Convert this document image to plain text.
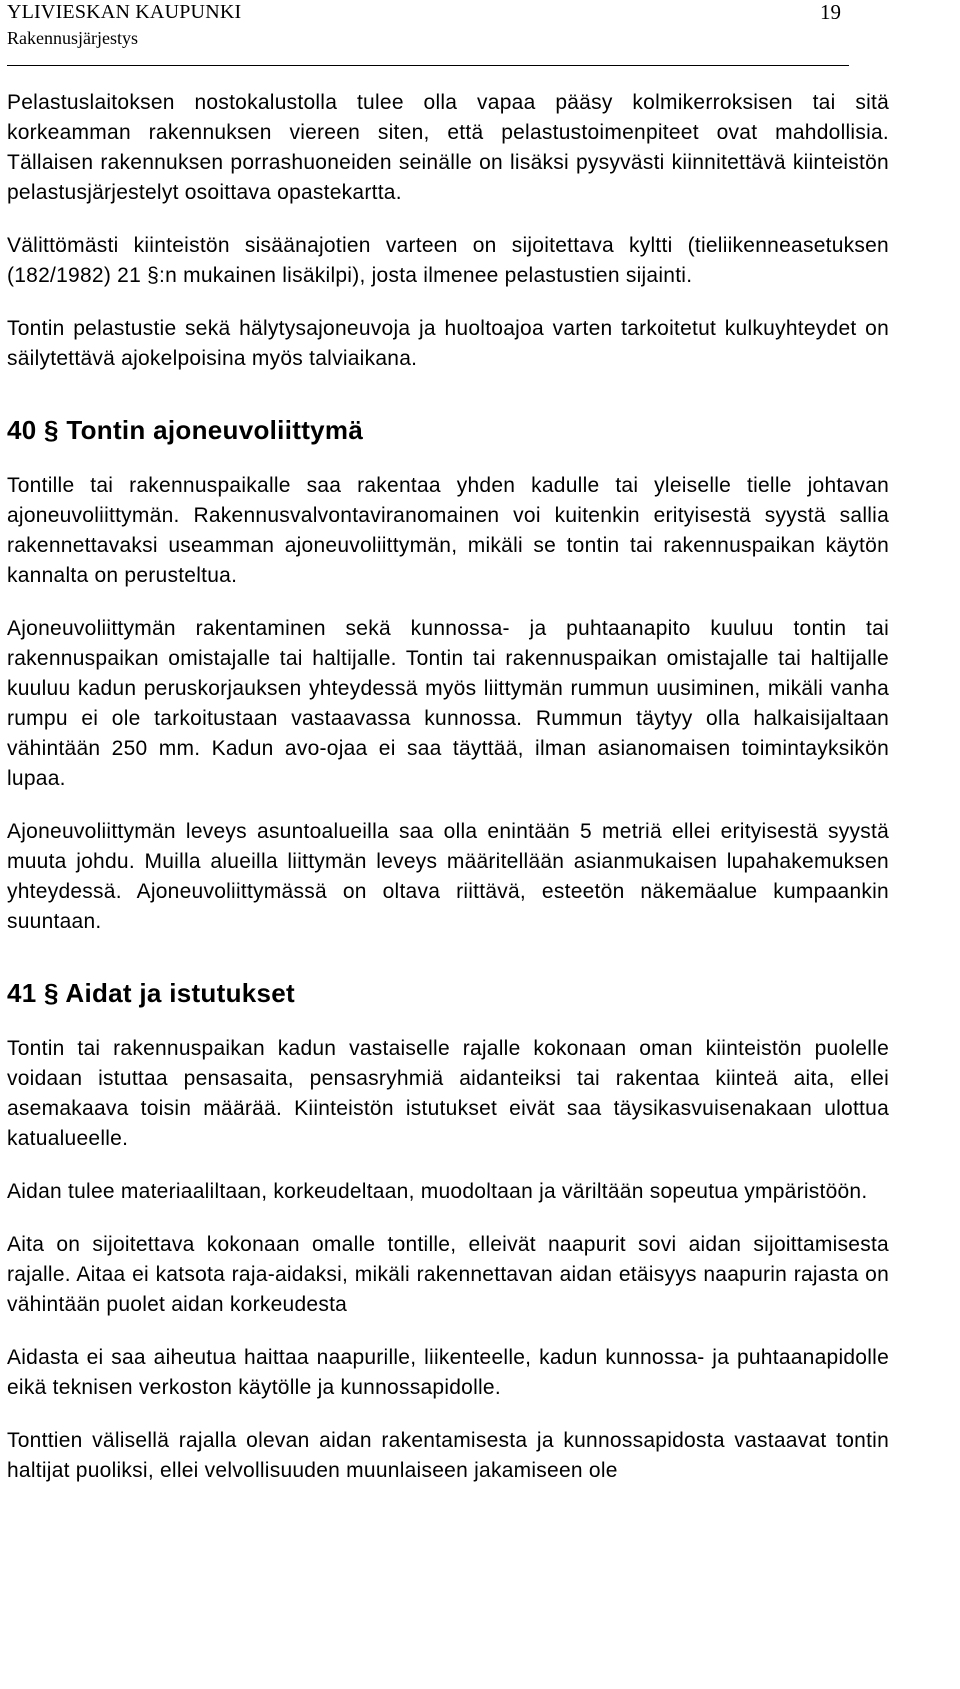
YLIVIESKAN KAUPUNKI	19
Rakennusjärjestys

Pelastuslaitoksen nostokalustolla tulee olla vapaa pääsy kolmikerroksisen tai sitä korkeamman rakennuksen viereen siten, että pelastustoimenpiteet ovat mahdollisia. Tällaisen rakennuksen porrashuoneiden seinälle on lisäksi pysyvästi kiinnitettävä kiinteistön pelastusjärjestelyt osoittava opastekartta.

Välittömästi kiinteistön sisäänajotien varteen on sijoitettava kyltti (tieliikenneasetuksen (182/1982) 21 §:n mukainen lisäkilpi), josta ilmenee pelastustien sijainti.

Tontin pelastustie sekä hälytysajoneuvoja ja huoltoajoa varten tarkoitetut kulkuyhteydet on säilytettävä ajokelpoisina myös talviaikana.

40 § Tontin ajoneuvoliittymä

Tontille tai rakennuspaikalle saa rakentaa yhden kadulle tai yleiselle tielle johtavan ajoneuvoliittymän. Rakennusvalvontaviranomainen voi kuitenkin erityisestä syystä sallia rakennettavaksi useamman ajoneuvoliittymän, mikäli se tontin tai rakennuspaikan käytön kannalta on perusteltua.

Ajoneuvoliittymän rakentaminen sekä kunnossa- ja puhtaanapito kuuluu tontin tai rakennuspaikan omistajalle tai haltijalle. Tontin tai rakennuspaikan omistajalle tai haltijalle kuuluu kadun peruskorjauksen yhteydessä myös liittymän rummun uusiminen, mikäli vanha rumpu ei ole tarkoitustaan vastaavassa kunnossa. Rummun täytyy olla halkaisijaltaan vähintään 250 mm. Kadun avo-ojaa ei saa täyttää, ilman asianomaisen toimintayksikön lupaa.

Ajoneuvoliittymän leveys asuntoalueilla saa olla enintään 5 metriä ellei erityisestä syystä muuta johdu. Muilla alueilla liittymän leveys määritellään asianmukaisen lupahakemuksen yhteydessä. Ajoneuvoliittymässä on oltava riittävä, esteetön näkemäalue kumpaankin suuntaan.

41 § Aidat ja istutukset

Tontin tai rakennuspaikan kadun vastaiselle rajalle kokonaan oman kiinteistön puolelle voidaan istuttaa pensasaita, pensasryhmiä aidanteiksi tai rakentaa kiinteä aita, ellei asemakaava toisin määrää. Kiinteistön istutukset eivät saa täysikasvuisenakaan ulottua katualueelle.

Aidan tulee materiaaliltaan, korkeudeltaan, muodoltaan ja väriltään sopeutua ympäristöön.

Aita on sijoitettava kokonaan omalle tontille, elleivät naapurit sovi aidan sijoittamisesta rajalle. Aitaa ei katsota raja-aidaksi, mikäli rakennettavan aidan etäisyys naapurin rajasta on vähintään puolet aidan korkeudesta

Aidasta ei saa aiheutua haittaa naapurille, liikenteelle, kadun kunnossa- ja puhtaanapidolle eikä teknisen verkoston käytölle ja kunnossapidolle.

Tonttien välisellä rajalla olevan aidan rakentamisesta ja kunnossapidosta vastaavat tontin haltijat puoliksi, ellei velvollisuuden muunlaiseen jakamiseen ole
